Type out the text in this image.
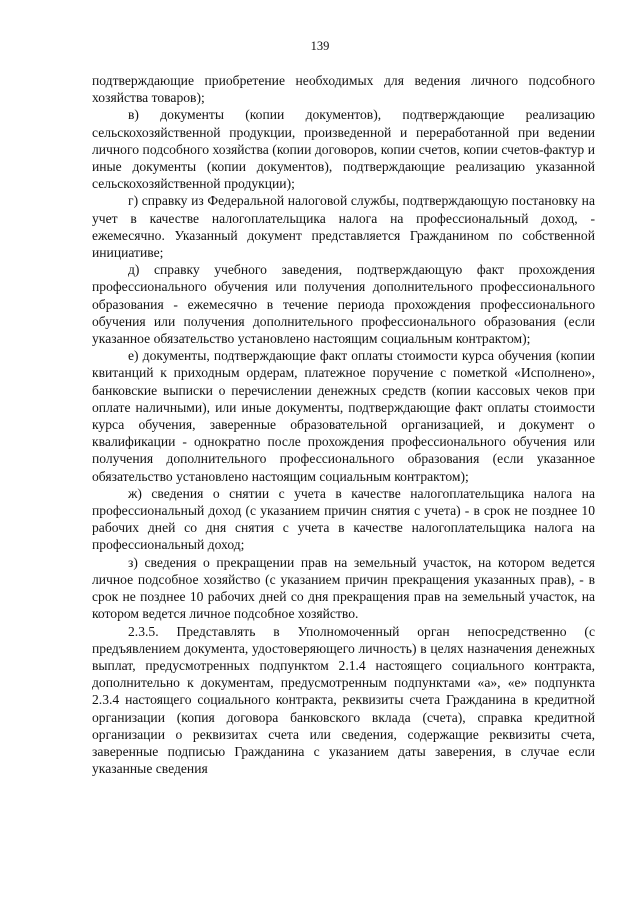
139

подтверждающие приобретение необходимых для ведения личного подсобного хозяйства товаров);

в) документы (копии документов), подтверждающие реализацию сельскохозяйственной продукции, произведенной и переработанной при ведении личного подсобного хозяйства (копии договоров, копии счетов, копии счетов-фактур и иные документы (копии документов), подтверждающие реализацию указанной сельскохозяйственной продукции);

г) справку из Федеральной налоговой службы, подтверждающую постановку на учет в качестве налогоплательщика налога на профессиональный доход, - ежемесячно. Указанный документ представляется Гражданином по собственной инициативе;

д) справку учебного заведения, подтверждающую факт прохождения профессионального обучения или получения дополнительного профессионального образования - ежемесячно в течение периода прохождения профессионального обучения или получения дополнительного профессионального образования (если указанное обязательство установлено настоящим социальным контрактом);

е) документы, подтверждающие факт оплаты стоимости курса обучения (копии квитанций к приходным ордерам, платежное поручение с пометкой «Исполнено», банковские выписки о перечислении денежных средств (копии кассовых чеков при оплате наличными), или иные документы, подтверждающие факт оплаты стоимости курса обучения, заверенные образовательной организацией, и документ о квалификации - однократно после прохождения профессионального обучения или получения дополнительного профессионального образования (если указанное обязательство установлено настоящим социальным контрактом);

ж) сведения о снятии с учета в качестве налогоплательщика налога на профессиональный доход (с указанием причин снятия с учета) - в срок не позднее 10 рабочих дней со дня снятия с учета в качестве налогоплательщика налога на профессиональный доход;

з) сведения о прекращении прав на земельный участок, на котором ведется личное подсобное хозяйство (с указанием причин прекращения указанных прав), - в срок не позднее 10 рабочих дней со дня прекращения прав на земельный участок, на котором ведется личное подсобное хозяйство.

2.3.5. Представлять в Уполномоченный орган непосредственно (с предъявлением документа, удостоверяющего личность) в целях назначения денежных выплат, предусмотренных подпунктом 2.1.4 настоящего социального контракта, дополнительно к документам, предусмотренным подпунктами «а», «е» подпункта 2.3.4 настоящего социального контракта, реквизиты счета Гражданина в кредитной организации (копия договора банковского вклада (счета), справка кредитной организации о реквизитах счета или сведения, содержащие реквизиты счета, заверенные подписью Гражданина с указанием даты заверения, в случае если указанные сведения
